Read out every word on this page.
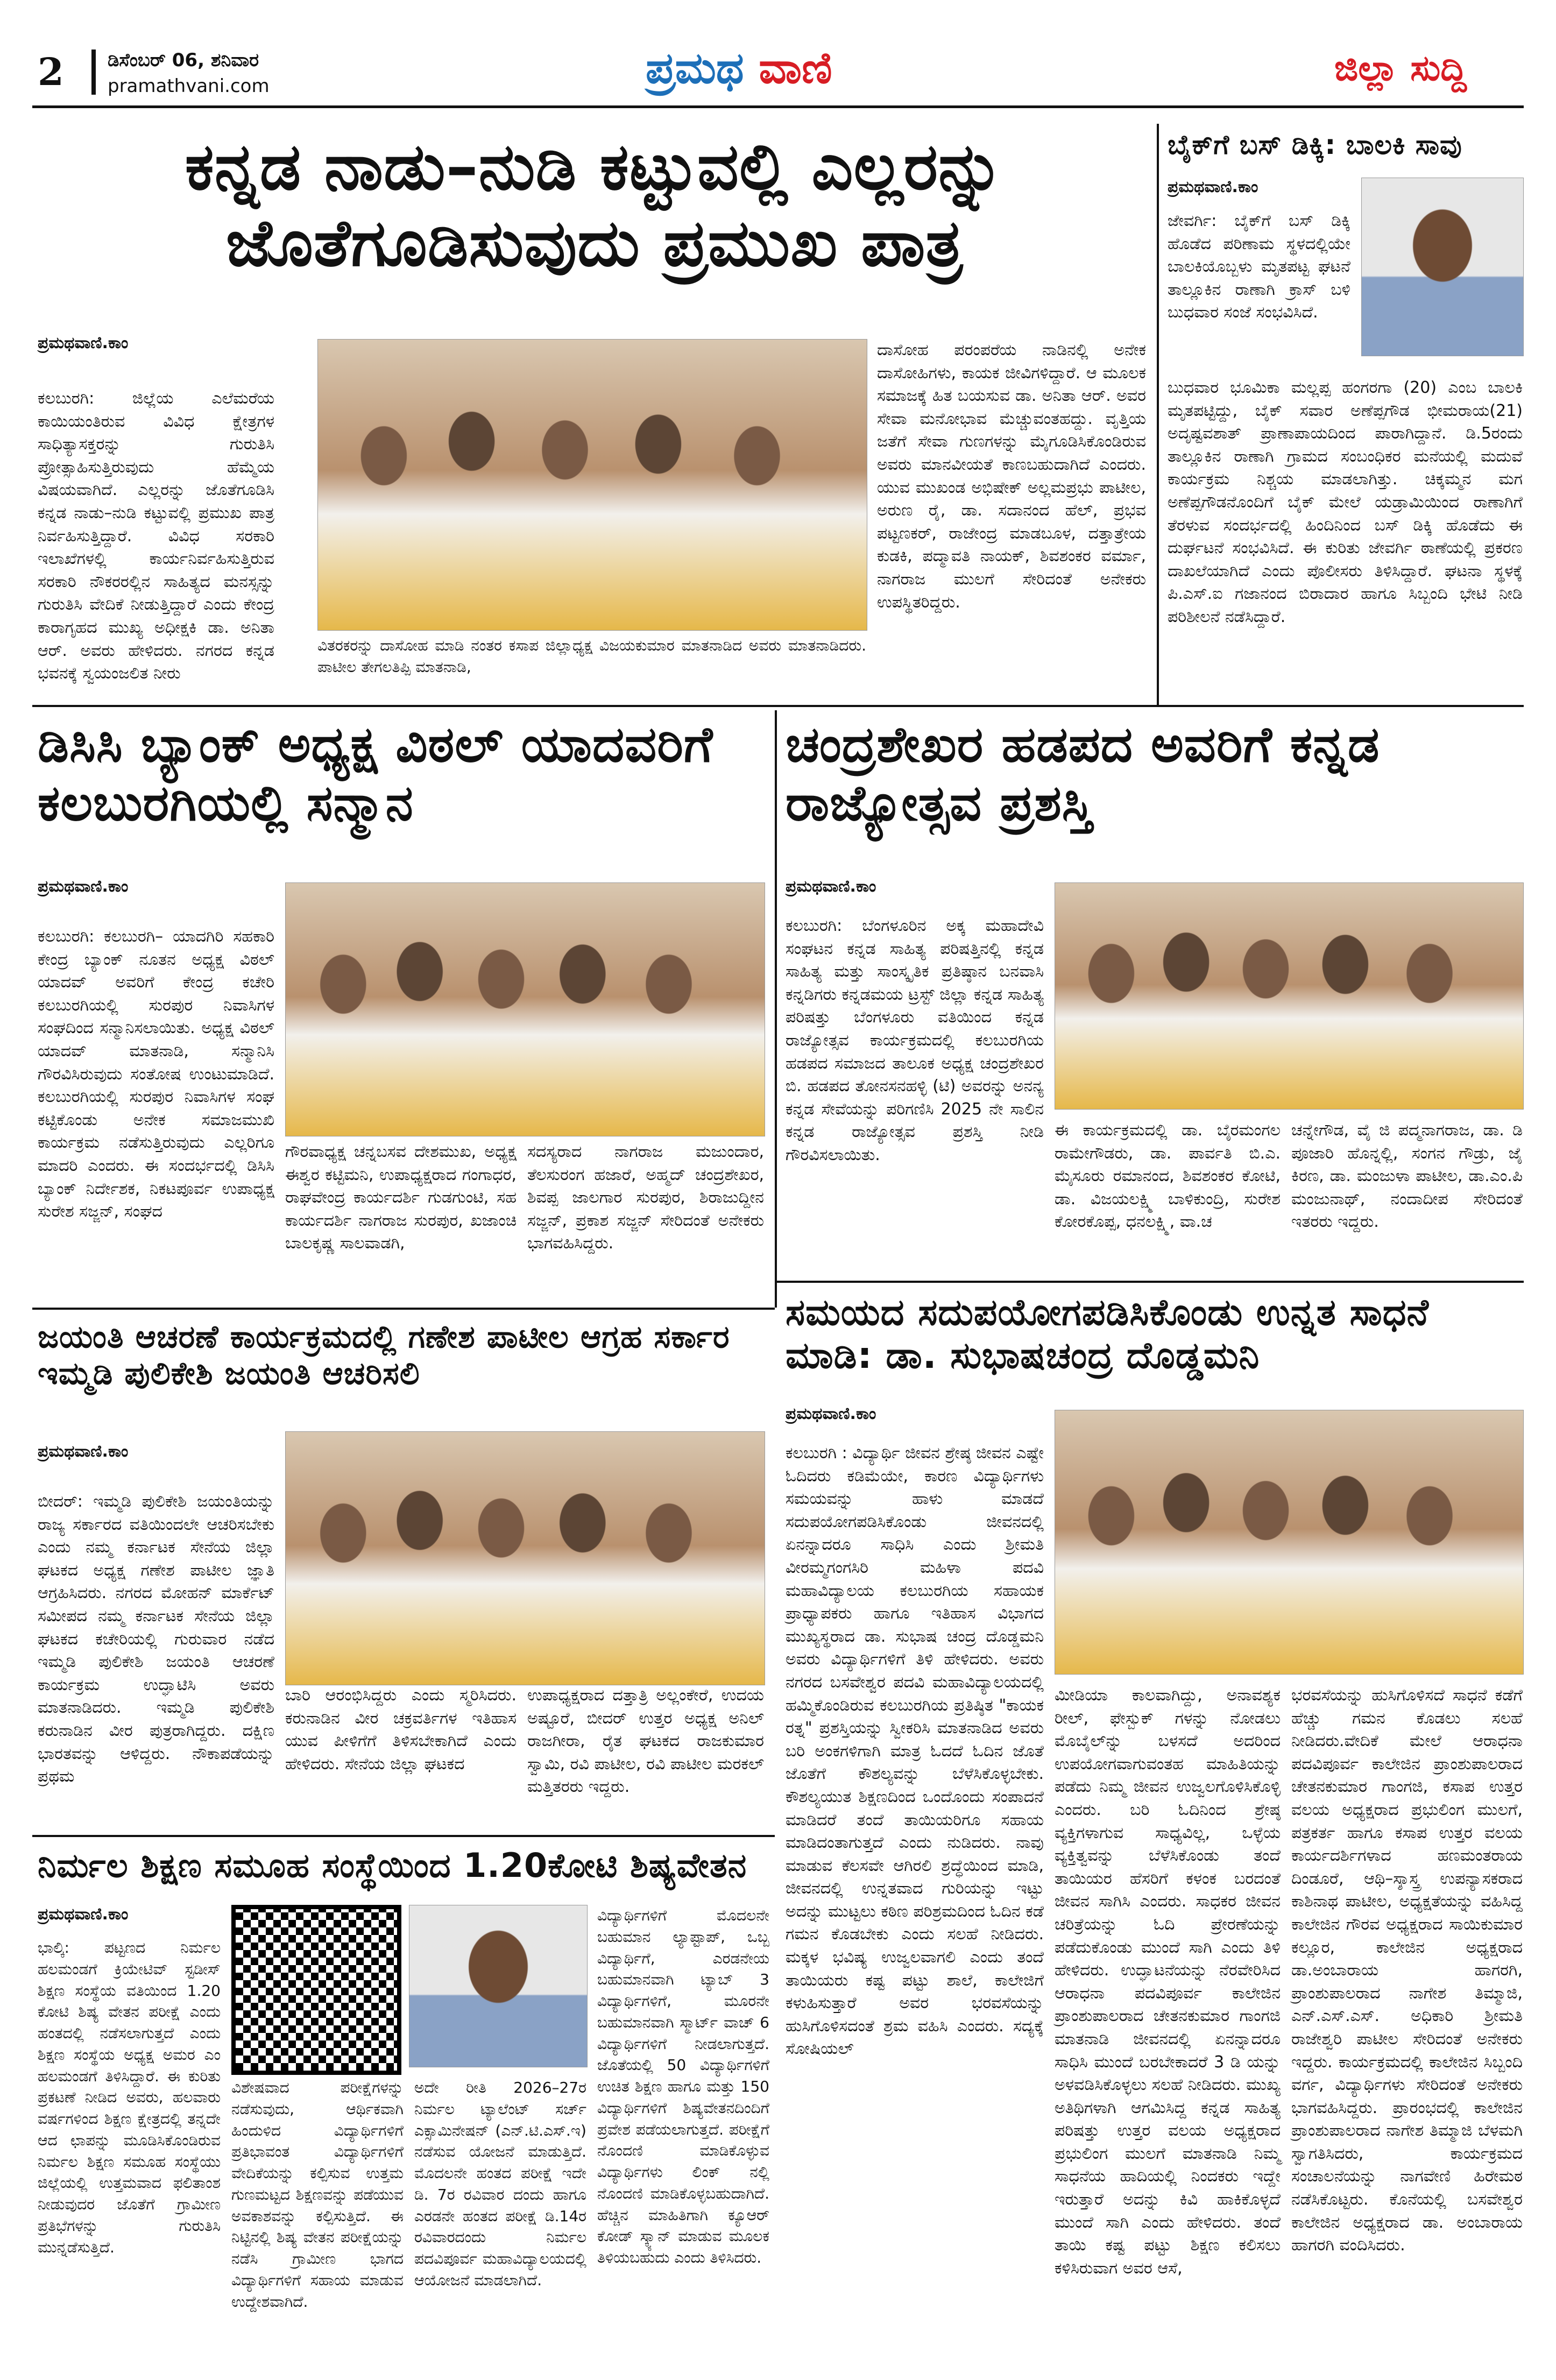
2 ಡಿಸೆಂಬರ್ 06, ಶನಿವಾರ
pramathvani.com	ಪ್ರಮಥ ವಾಣಿ	ಜಿಲ್ಲಾ ಸುದ್ದಿ
ಕನ್ನಡ ನಾಡು–ನುಡಿ ಕಟ್ಟುವಲ್ಲಿ ಎಲ್ಲರನ್ನು ಜೊತೆಗೂಡಿಸುವುದು ಪ್ರಮುಖ ಪಾತ್ರ
ಪ್ರಮಥವಾಣಿ.ಕಾಂ
ಕಲಬುರಗಿ: ಜಿಲ್ಲೆಯ ಎಲೆಮರೆಯ ಕಾಯಿಯಂತಿರುವ ವಿವಿಧ ಕ್ಷೇತ್ರಗಳ ಸಾಧಿತ್ಯಾಸಕ್ತರನ್ನು ಗುರುತಿಸಿ ಪ್ರೋತ್ಸಾಹಿಸುತ್ತಿರುವುದು ಹೆಮ್ಮೆಯ ವಿಷಯವಾಗಿದೆ. ಎಲ್ಲರನ್ನು ಜೊತೆಗೂಡಿಸಿ ಕನ್ನಡ ನಾಡು–ನುಡಿ ಕಟ್ಟುವಲ್ಲಿ ಪ್ರಮುಖ ಪಾತ್ರ ನಿರ್ವಹಿಸುತ್ತಿದ್ದಾರೆ. ವಿವಿಧ ಸರಕಾರಿ ಇಲಾಖೆಗಳಲ್ಲಿ ಕಾರ್ಯನಿರ್ವಹಿಸುತ್ತಿರುವ ಸರಕಾರಿ ನೌಕರರಲ್ಲಿನ ಸಾಹಿತ್ಯದ ಮನಸ್ಸನ್ನು ಗುರುತಿಸಿ ವೇದಿಕೆ ನೀಡುತ್ತಿದ್ದಾರೆ ಎಂದು ಕೇಂದ್ರ ಕಾರಾಗೃಹದ ಮುಖ್ಯ ಅಧೀಕ್ಷಕಿ ಡಾ. ಅನಿತಾ ಆರ್. ಅವರು ಹೇಳಿದರು. ನಗರದ ಕನ್ನಡ ಭವನಕ್ಕೆ ಸ್ವಯಂಜಲಿತ ನೀರು
ವಿತರಕರನ್ನು ದಾಸೋಹ ಮಾಡಿ ನಂತರ ಕಸಾಪ ಜಿಲ್ಲಾಧ್ಯಕ್ಷ ವಿಜಯಕುಮಾರ ಮಾತನಾಡಿದ ಅವರು ಮಾತನಾಡಿದರು. ಪಾಟೀಲ ತೇಗಲತಿಪ್ಪಿ ಮಾತನಾಡಿ,
ದಾಸೋಹ ಪರಂಪರೆಯ ನಾಡಿನಲ್ಲಿ ಅನೇಕ ದಾಸೋಹಿಗಳು, ಕಾಯಕ ಜೀವಿಗಳಿದ್ದಾರೆ. ಆ ಮೂಲಕ ಸಮಾಜಕ್ಕೆ ಹಿತ ಬಯಸುವ ಡಾ. ಅನಿತಾ ಆರ್. ಅವರ ಸೇವಾ ಮನೋಭಾವ ಮೆಚ್ಚುವಂತಹದ್ದು. ವೃತ್ತಿಯ ಜತೆಗೆ ಸೇವಾ ಗುಣಗಳನ್ನು ಮೈಗೂಡಿಸಿಕೊಂಡಿರುವ ಅವರು ಮಾನವೀಯತೆ ಕಾಣಬಹುದಾಗಿದೆ ಎಂದರು. ಯುವ ಮುಖಂಡ ಅಭಿಷೇಕ್ ಅಲ್ಲಮಪ್ರಭು ಪಾಟೀಲ, ಅರುಣ ರೈ, ಡಾ. ಸದಾನಂದ ಹೆಲ್, ಪ್ರಭವ ಪಟ್ಟಣಕರ್, ರಾಜೇಂದ್ರ ಮಾಡಬೂಳ, ದತ್ತಾತ್ರೇಯ ಕುಡಕಿ, ಪದ್ಮಾವತಿ ನಾಯಕ್, ಶಿವಶಂಕರ ವರ್ಮಾ, ನಾಗರಾಜ ಮುಲಗೆ ಸೇರಿದಂತೆ ಅನೇಕರು ಉಪಸ್ಥಿತರಿದ್ದರು.
ಬೈಕ್‌ಗೆ ಬಸ್ ಡಿಕ್ಕಿ: ಬಾಲಕಿ ಸಾವು
ಪ್ರಮಥವಾಣಿ.ಕಾಂ
ಜೇವರ್ಗಿ: ಬೈಕ್‌ಗೆ ಬಸ್ ಡಿಕ್ಕಿ ಹೊಡೆದ ಪರಿಣಾಮ ಸ್ಥಳದಲ್ಲಿಯೇ ಬಾಲಕಿಯೊಬ್ಬಳು ಮೃತಪಟ್ಟ ಘಟನೆ ತಾಲ್ಲೂಕಿನ ರಾಣಾಗಿ ಕ್ರಾಸ್ ಬಳಿ ಬುಧವಾರ ಸಂಜೆ ಸಂಭವಿಸಿದೆ.
ಬುಧವಾರ ಭೂಮಿಕಾ ಮಲ್ಲಪ್ಪ ಹಂಗರಗಾ (20) ಎಂಬ ಬಾಲಕಿ ಮೃತಪಟ್ಟಿದ್ದು, ಬೈಕ್ ಸವಾರ ಅಣೆಪ್ಪಗೌಡ ಭೀಮರಾಯ(21) ಅದೃಷ್ಟವಶಾತ್ ಪ್ರಾಣಾಪಾಯದಿಂದ ಪಾರಾಗಿದ್ದಾನೆ. ಡಿ.5ರಂದು ತಾಲ್ಲೂಕಿನ ರಾಣಾಗಿ ಗ್ರಾಮದ ಸಂಬಂಧಿಕರ ಮನೆಯಲ್ಲಿ ಮದುವೆ ಕಾರ್ಯಕ್ರಮ ನಿಶ್ಚಯ ಮಾಡಲಾಗಿತ್ತು. ಚಿಕ್ಕಮ್ಮನ ಮಗ ಅಣೆಪ್ಪಗೌಡನೊಂದಿಗೆ ಬೈಕ್ ಮೇಲೆ ಯಡ್ರಾಮಿಯಿಂದ ರಾಣಾಗಿಗೆ ತೆರಳುವ ಸಂದರ್ಭದಲ್ಲಿ ಹಿಂದಿನಿಂದ ಬಸ್ ಡಿಕ್ಕಿ ಹೊಡೆದು ಈ ದುರ್ಘಟನೆ ಸಂಭವಿಸಿದೆ. ಈ ಕುರಿತು ಜೇವರ್ಗಿ ಠಾಣೆಯಲ್ಲಿ ಪ್ರಕರಣ ದಾಖಲೆಯಾಗಿದೆ ಎಂದು ಪೊಲೀಸರು ತಿಳಿಸಿದ್ದಾರೆ. ಘಟನಾ ಸ್ಥಳಕ್ಕೆ ಪಿ.ಎಸ್.ಐ ಗಜಾನಂದ ಬಿರಾದಾರ ಹಾಗೂ ಸಿಬ್ಬಂದಿ ಭೇಟಿ ನೀಡಿ ಪರಿಶೀಲನೆ ನಡೆಸಿದ್ದಾರೆ.
ಡಿಸಿಸಿ ಬ್ಯಾಂಕ್ ಅಧ್ಯಕ್ಷ ವಿಠಲ್ ಯಾದವರಿಗೆ ಕಲಬುರಗಿಯಲ್ಲಿ ಸನ್ಮಾನ
ಪ್ರಮಥವಾಣಿ.ಕಾಂ
ಕಲಬುರಗಿ: ಕಲಬುರಗಿ– ಯಾದಗಿರಿ ಸಹಕಾರಿ ಕೇಂದ್ರ ಬ್ಯಾಂಕ್ ನೂತನ ಅಧ್ಯಕ್ಷ ವಿಠಲ್ ಯಾದವ್ ಅವರಿಗೆ ಕೇಂದ್ರ ಕಚೇರಿ ಕಲಬುರಗಿಯಲ್ಲಿ ಸುರಪುರ ನಿವಾಸಿಗಳ ಸಂಘದಿಂದ ಸನ್ಮಾನಿಸಲಾಯಿತು. ಅಧ್ಯಕ್ಷ ವಿಠಲ್ ಯಾದವ್ ಮಾತನಾಡಿ, ಸನ್ಮಾನಿಸಿ ಗೌರವಿಸಿರುವುದು ಸಂತೋಷ ಉಂಟುಮಾಡಿದೆ. ಕಲಬುರಗಿಯಲ್ಲಿ ಸುರಪುರ ನಿವಾಸಿಗಳ ಸಂಘ ಕಟ್ಟಿಕೊಂಡು ಅನೇಕ ಸಮಾಜಮುಖಿ ಕಾರ್ಯಕ್ರಮ ನಡೆಸುತ್ತಿರುವುದು ಎಲ್ಲರಿಗೂ ಮಾದರಿ ಎಂದರು. ಈ ಸಂದರ್ಭದಲ್ಲಿ ಡಿಸಿಸಿ ಬ್ಯಾಂಕ್ ನಿರ್ದೇಶಕ, ನಿಕಟಪೂರ್ವ ಉಪಾಧ್ಯಕ್ಷ ಸುರೇಶ ಸಜ್ಜನ್, ಸಂಘದ
ಗೌರವಾಧ್ಯಕ್ಷ ಚನ್ನಬಸವ ದೇಶಮುಖ, ಅಧ್ಯಕ್ಷ ಈಶ್ವರ ಕಟ್ಟಿಮನಿ, ಉಪಾಧ್ಯಕ್ಷರಾದ ಗಂಗಾಧರ, ರಾಘವೇಂದ್ರ ಕಾರ್ಯದರ್ಶಿ ಗುಡಗುಂಟಿ, ಸಹ ಕಾರ್ಯದರ್ಶಿ ನಾಗರಾಜ ಸುರಪುರ, ಖಜಾಂಚಿ ಬಾಲಕೃಷ್ಣ ಸಾಲವಾಡಗಿ,
ಸದಸ್ಯರಾದ ನಾಗರಾಜ ಮಜುಂದಾರ, ತೆಲಸುರಂಗ ಹಜಾರೆ, ಅಹ್ಮದ್ ಚಂದ್ರಶೇಖರ, ಶಿವಪ್ಪ ಜಾಲಗಾರ ಸುರಪುರ, ಶಿರಾಜುದ್ದೀನ ಸಜ್ಜನ್, ಪ್ರಕಾಶ ಸಜ್ಜನ್ ಸೇರಿದಂತೆ ಅನೇಕರು ಭಾಗವಹಿಸಿದ್ದರು.
ಚಂದ್ರಶೇಖರ ಹಡಪದ ಅವರಿಗೆ ಕನ್ನಡ ರಾಜ್ಯೋತ್ಸವ ಪ್ರಶಸ್ತಿ
ಪ್ರಮಥವಾಣಿ.ಕಾಂ
ಕಲಬುರಗಿ: ಬೆಂಗಳೂರಿನ ಅಕ್ಕ ಮಹಾದೇವಿ ಸಂಘಟನ ಕನ್ನಡ ಸಾಹಿತ್ಯ ಪರಿಷತ್ತಿನಲ್ಲಿ ಕನ್ನಡ ಸಾಹಿತ್ಯ ಮತ್ತು ಸಾಂಸ್ಕೃತಿಕ ಪ್ರತಿಷ್ಠಾನ ಬನವಾಸಿ ಕನ್ನಡಿಗರು ಕನ್ನಡಮಯ ಟ್ರಸ್ಟ್ ಜಿಲ್ಲಾ ಕನ್ನಡ ಸಾಹಿತ್ಯ ಪರಿಷತ್ತು ಬೆಂಗಳೂರು ವತಿಯಿಂದ ಕನ್ನಡ ರಾಜ್ಯೋತ್ಸವ ಕಾರ್ಯಕ್ರಮದಲ್ಲಿ ಕಲಬುರಗಿಯ ಹಡಪದ ಸಮಾಜದ ತಾಲೂಕ ಅಧ್ಯಕ್ಷ ಚಂದ್ರಶೇಖರ ಬಿ. ಹಡಪದ ತೋನಸನಹಳ್ಳಿ (ಟಿ) ಅವರನ್ನು ಅನನ್ಯ ಕನ್ನಡ ಸೇವೆಯನ್ನು ಪರಿಗಣಿಸಿ 2025 ನೇ ಸಾಲಿನ ಕನ್ನಡ ರಾಜ್ಯೋತ್ಸವ ಪ್ರಶಸ್ತಿ ನೀಡಿ ಗೌರವಿಸಲಾಯಿತು.
ಈ ಕಾರ್ಯಕ್ರಮದಲ್ಲಿ ಡಾ. ಬೈರಮಂಗಲ ರಾಮೇಗೌಡರು, ಡಾ. ಪಾರ್ವತಿ ಬಿ.ಎ. ಮೈಸೂರು ರಮಾನಂದ, ಶಿವಶಂಕರ ಕೋಟಿ, ಡಾ. ವಿಜಯಲಕ್ಷ್ಮಿ ಬಾಳಿಕುಂದ್ರಿ, ಸುರೇಶ ಕೋರಕೊಪ್ಪ, ಧನಲಕ್ಷ್ಮಿ, ವಾ.ಚ
ಚನ್ನೇಗೌಡ, ವೈ ಜಿ ಪದ್ಮನಾಗರಾಜ, ಡಾ. ಡಿ ಪೂಜಾರಿ ಹೊನ್ನಲ್ಲಿ, ಸಂಗನ ಗೌಡ್ರು, ಜೈ ಕಿರಣ, ಡಾ. ಮಂಜುಳಾ ಪಾಟೀಲ, ಡಾ.ಎಂ.ಪಿ ಮಂಜುನಾಥ್, ನಂದಾದೀಪ ಸೇರಿದಂತೆ ಇತರರು ಇದ್ದರು.
ಜಯಂತಿ ಆಚರಣೆ ಕಾರ್ಯಕ್ರಮದಲ್ಲಿ ಗಣೇಶ ಪಾಟೀಲ ಆಗ್ರಹ ಸರ್ಕಾರ ಇಮ್ಮಡಿ ಪುಲಿಕೇಶಿ ಜಯಂತಿ ಆಚರಿಸಲಿ
ಪ್ರಮಥವಾಣಿ.ಕಾಂ
ಬೀದರ್: ಇಮ್ಮಡಿ ಪುಲಿಕೇಶಿ ಜಯಂತಿಯನ್ನು ರಾಜ್ಯ ಸರ್ಕಾರದ ವತಿಯಿಂದಲೇ ಆಚರಿಸಬೇಕು ಎಂದು ನಮ್ಮ ಕರ್ನಾಟಕ ಸೇನೆಯ ಜಿಲ್ಲಾ ಘಟಕದ ಅಧ್ಯಕ್ಷ ಗಣೇಶ ಪಾಟೀಲ ಜ್ಞಾತಿ ಆಗ್ರಹಿಸಿದರು. ನಗರದ ಮೋಹನ್ ಮಾರ್ಕೆಟ್ ಸಮೀಪದ ನಮ್ಮ ಕರ್ನಾಟಕ ಸೇನೆಯ ಜಿಲ್ಲಾ ಘಟಕದ ಕಚೇರಿಯಲ್ಲಿ ಗುರುವಾರ ನಡೆದ ಇಮ್ಮಡಿ ಪುಲಿಕೇಶಿ ಜಯಂತಿ ಆಚರಣೆ ಕಾರ್ಯಕ್ರಮ ಉದ್ಘಾಟಿಸಿ ಅವರು ಮಾತನಾಡಿದರು. ಇಮ್ಮಡಿ ಪುಲಿಕೇಶಿ ಕರುನಾಡಿನ ವೀರ ಪುತ್ರರಾಗಿದ್ದರು. ದಕ್ಷಿಣ ಭಾರತವನ್ನು ಆಳಿದ್ದರು. ನೌಕಾಪಡೆಯನ್ನು ಪ್ರಥಮ
ಬಾರಿ ಆರಂಭಿಸಿದ್ದರು ಎಂದು ಸ್ಮರಿಸಿದರು. ಕರುನಾಡಿನ ವೀರ ಚಕ್ರವರ್ತಿಗಳ ಇತಿಹಾಸ ಯುವ ಪೀಳಿಗೆಗೆ ತಿಳಿಸಬೇಕಾಗಿದೆ ಎಂದು ಹೇಳಿದರು. ಸೇನೆಯ ಜಿಲ್ಲಾ ಘಟಕದ
ಉಪಾಧ್ಯಕ್ಷರಾದ ದತ್ತಾತ್ರಿ ಅಲ್ಲಂಕೇರೆ, ಉದಯ ಅಷ್ಟೂರೆ, ಬೀದರ್ ಉತ್ತರ ಅಧ್ಯಕ್ಷ ಅನಿಲ್ ರಾಜಗೀರಾ, ರೈತ ಘಟಕದ ರಾಜಕುಮಾರ ಸ್ವಾಮಿ, ರವಿ ಪಾಟೀಲ, ರವಿ ಪಾಟೀಲ ಮರಕಲ್ ಮತ್ತಿತರರು ಇದ್ದರು.
ನಿರ್ಮಲ ಶಿಕ್ಷಣ ಸಮೂಹ ಸಂಸ್ಥೆಯಿಂದ 1.20ಕೋಟಿ ಶಿಷ್ಯವೇತನ
ಪ್ರಮಥವಾಣಿ.ಕಾಂ
ಭಾಲ್ಕಿ: ಪಟ್ಟಣದ ನಿರ್ಮಲ ಹಲಮಂಡಗೆ ಕ್ರಿಯೇಟಿವ್ ಸ್ಟಡೀಸ್ ಶಿಕ್ಷಣ ಸಂಸ್ಥೆಯ ವತಿಯಿಂದ 1.20 ಕೋಟಿ ಶಿಷ್ಯ ವೇತನ ಪರೀಕ್ಷೆ ಎಂದು ಹಂತದಲ್ಲಿ ನಡೆಸಲಾಗುತ್ತದೆ ಎಂದು ಶಿಕ್ಷಣ ಸಂಸ್ಥೆಯ ಅಧ್ಯಕ್ಷ ಅಮರ ಎಂ ಹಲಮಂಡಗೆ ತಿಳಿಸಿದ್ದಾರೆ. ಈ ಕುರಿತು ಪ್ರಕಟಣೆ ನೀಡಿದ ಅವರು, ಹಲವಾರು ವರ್ಷಗಳಿಂದ ಶಿಕ್ಷಣ ಕ್ಷೇತ್ರದಲ್ಲಿ ತನ್ನದೇ ಆದ ಛಾಪನ್ನು ಮೂಡಿಸಿಕೊಂಡಿರುವ ನಿರ್ಮಲ ಶಿಕ್ಷಣ ಸಮೂಹ ಸಂಸ್ಥೆಯು ಜಿಲ್ಲೆಯಲ್ಲಿ ಉತ್ತಮವಾದ ಫಲಿತಾಂಶ ನೀಡುವುದರ ಜೊತೆಗೆ ಗ್ರಾಮೀಣ ಪ್ರತಿಭೆಗಳನ್ನು ಗುರುತಿಸಿ ಮುನ್ನಡೆಸುತ್ತಿದೆ.
ವಿಶೇಷವಾದ ಪರೀಕ್ಷೆಗಳನ್ನು ನಡೆಸುವುದು, ಆರ್ಥಿಕವಾಗಿ ಹಿಂದುಳಿದ ವಿದ್ಯಾರ್ಥಿಗಳಿಗೆ ಪ್ರತಿಭಾವಂತ ವಿದ್ಯಾರ್ಥಿಗಳಿಗೆ ವೇದಿಕೆಯನ್ನು ಕಲ್ಪಿಸುವ ಉತ್ತಮ ಗುಣಮಟ್ಟದ ಶಿಕ್ಷಣವನ್ನು ಪಡೆಯುವ ಅವಕಾಶವನ್ನು ಕಲ್ಪಿಸುತ್ತಿದೆ. ಈ ನಿಟ್ಟಿನಲ್ಲಿ ಶಿಷ್ಯ ವೇತನ ಪರೀಕ್ಷೆಯನ್ನು ನಡೆಸಿ ಗ್ರಾಮೀಣ ಭಾಗದ ವಿದ್ಯಾರ್ಥಿಗಳಿಗೆ ಸಹಾಯ ಮಾಡುವ ಉದ್ದೇಶವಾಗಿದೆ.
ಅದೇ ರೀತಿ 2026–27ರ ನಿರ್ಮಲ ಟ್ಯಾಲೆಂಟ್ ಸರ್ಚ್ ಎಕ್ಸಾಮಿನೇಷನ್ (ಎನ್.ಟಿ.ಎಸ್.ಇ) ನಡೆಸುವ ಯೋಜನೆ ಮಾಡುತ್ತಿದೆ. ಮೊದಲನೇ ಹಂತದ ಪರೀಕ್ಷೆ ಇದೇ ಡಿ. 7ರ ರವಿವಾರ ದಂದು ಹಾಗೂ ಎರಡನೇ ಹಂತದ ಪರೀಕ್ಷೆ ಡಿ.14ರ ರವಿವಾರದಂದು ನಿರ್ಮಲ ಪದವಿಪೂರ್ವ ಮಹಾವಿದ್ಯಾಲಯದಲ್ಲಿ ಆಯೋಜನೆ ಮಾಡಲಾಗಿದೆ.
ವಿದ್ಯಾರ್ಥಿಗಳಿಗೆ ಮೊದಲನೇ ಬಹುಮಾನ ಲ್ಯಾಪ್ಟಾಪ್, ಒಬ್ಬ ವಿದ್ಯಾರ್ಥಿಗೆ, ಎರಡನೇಯ ಬಹುಮಾನವಾಗಿ ಟ್ಯಾಬ್ 3 ವಿದ್ಯಾರ್ಥಿಗಳಿಗೆ, ಮೂರನೇ ಬಹುಮಾನವಾಗಿ ಸ್ಮಾರ್ಟ್ ವಾಚ್ 6 ವಿದ್ಯಾರ್ಥಿಗಳಿಗೆ ನೀಡಲಾಗುತ್ತದೆ. ಜೊತೆಯಲ್ಲಿ 50 ವಿದ್ಯಾರ್ಥಿಗಳಿಗೆ ಉಚಿತ ಶಿಕ್ಷಣ ಹಾಗೂ ಮತ್ತು 150 ವಿದ್ಯಾರ್ಥಿಗಳಿಗೆ ಶಿಷ್ಯವೇತನದಿಂದಿಗೆ ಪ್ರವೇಶ ಪಡೆಯಲಾಗುತ್ತದೆ. ಪರೀಕ್ಷೆಗೆ ನೊಂದಣಿ ಮಾಡಿಕೊಳ್ಳುವ ವಿದ್ಯಾರ್ಥಿಗಳು ಲಿಂಕ್ ನಲ್ಲಿ ನೊಂದಣಿ ಮಾಡಿಕೊಳ್ಳಬಹುದಾಗಿದೆ. ಹೆಚ್ಚಿನ ಮಾಹಿತಿಗಾಗಿ ಕ್ಯೂಆರ್ ಕೋಡ್ ಸ್ಕ್ಯಾನ್ ಮಾಡುವ ಮೂಲಕ ತಿಳಿಯಬಹುದು ಎಂದು ತಿಳಿಸಿದರು.
ಸಮಯದ ಸದುಪಯೋಗಪಡಿಸಿಕೊಂಡು ಉನ್ನತ ಸಾಧನೆ ಮಾಡಿ: ಡಾ. ಸುಭಾಷಚಂದ್ರ ದೊಡ್ಡಮನಿ
ಪ್ರಮಥವಾಣಿ.ಕಾಂ
ಕಲಬುರಗಿ : ವಿದ್ಯಾರ್ಥಿ ಜೀವನ ಶ್ರೇಷ್ಠ ಜೀವನ ಎಷ್ಟೇ ಓದಿದರು ಕಡಿಮೆಯೇ, ಕಾರಣ ವಿದ್ಯಾರ್ಥಿಗಳು ಸಮಯವನ್ನು ಹಾಳು ಮಾಡದೆ ಸದುಪಯೋಗಪಡಿಸಿಕೊಂಡು ಜೀವನದಲ್ಲಿ ಏನನ್ನಾದರೂ ಸಾಧಿಸಿ ಎಂದು ಶ್ರೀಮತಿ ವೀರಮ್ಮಗಂಗಸಿರಿ ಮಹಿಳಾ ಪದವಿ ಮಹಾವಿದ್ಯಾಲಯ ಕಲಬುರಗಿಯ ಸಹಾಯಕ ಪ್ರಾಧ್ಯಾಪಕರು ಹಾಗೂ ಇತಿಹಾಸ ವಿಭಾಗದ ಮುಖ್ಯಸ್ಥರಾದ ಡಾ. ಸುಭಾಷ ಚಂದ್ರ ದೊಡ್ಡಮನಿ ಅವರು ವಿದ್ಯಾರ್ಥಿಗಳಿಗೆ ತಿಳಿ ಹೇಳಿದರು. ಅವರು ನಗರದ ಬಸವೇಶ್ವರ ಪದವಿ ಮಹಾವಿದ್ಯಾಲಯದಲ್ಲಿ ಹಮ್ಮಿಕೊಂಡಿರುವ ಕಲಬುರಗಿಯ ಪ್ರತಿಷ್ಠಿತ "ಕಾಯಕ ರತ್ನ" ಪ್ರಶಸ್ತಿಯನ್ನು ಸ್ವೀಕರಿಸಿ ಮಾತನಾಡಿದ ಅವರು ಬರಿ ಅಂಕಗಳಿಗಾಗಿ ಮಾತ್ರ ಓದದೆ ಓದಿನ ಜೊತೆ ಜೊತೆಗೆ ಕೌಶಲ್ಯವನ್ನು ಬೆಳೆಸಿಕೊಳ್ಳಬೇಕು. ಕೌಶಲ್ಯಯುತ ಶಿಕ್ಷಣದಿಂದ ಒಂದೊಂದು ಸಂಪಾದನೆ ಮಾಡಿದರೆ ತಂದೆ ತಾಯಿಯರಿಗೂ ಸಹಾಯ ಮಾಡಿದಂತಾಗುತ್ತದೆ ಎಂದು ನುಡಿದರು. ನಾವು ಮಾಡುವ ಕೆಲಸವೇ ಆಗಿರಲಿ ಶ್ರದ್ಧೆಯಿಂದ ಮಾಡಿ, ಜೀವನದಲ್ಲಿ ಉನ್ನತವಾದ ಗುರಿಯನ್ನು ಇಟ್ಟು ಅದನ್ನು ಮುಟ್ಟಲು ಕಠಿಣ ಪರಿಶ್ರಮದಿಂದ ಓದಿನ ಕಡೆ ಗಮನ ಕೊಡಬೇಕು ಎಂದು ಸಲಹೆ ನೀಡಿದರು. ಮಕ್ಕಳ ಭವಿಷ್ಯ ಉಜ್ವಲವಾಗಲಿ ಎಂದು ತಂದೆ ತಾಯಿಯರು ಕಷ್ಟ ಪಟ್ಟು ಶಾಲೆ, ಕಾಲೇಜಿಗೆ ಕಳುಹಿಸುತ್ತಾರೆ ಅವರ ಭರವಸೆಯನ್ನು ಹುಸಿಗೊಳಿಸದಂತೆ ಶ್ರಮ ವಹಿಸಿ ಎಂದರು. ಸದ್ಯಕ್ಕೆ ಸೋಷಿಯಲ್
ಮೀಡಿಯಾ ಕಾಲವಾಗಿದ್ದು, ಅನಾವಶ್ಯಕ ರೀಲ್, ಫೇಸ್ಬುಕ್ ಗಳನ್ನು ನೋಡಲು ಮೊಬೈಲ್‌ನ್ನು ಬಳಸದೆ ಅದರಿಂದ ಉಪಯೋಗವಾಗುವಂತಹ ಮಾಹಿತಿಯನ್ನು ಪಡೆದು ನಿಮ್ಮ ಜೀವನ ಉಜ್ವಲಗೊಳಿಸಿಕೊಳ್ಳಿ ಎಂದರು. ಬರಿ ಓದಿನಿಂದ ಶ್ರೇಷ್ಠ ವ್ಯಕ್ತಿಗಳಾಗುವ ಸಾಧ್ಯವಿಲ್ಲ, ಒಳ್ಳೆಯ ವ್ಯಕ್ತಿತ್ವವನ್ನು ಬೆಳೆಸಿಕೊಂಡು ತಂದೆ ತಾಯಿಯರ ಹೆಸರಿಗೆ ಕಳಂಕ ಬರದಂತೆ ಜೀವನ ಸಾಗಿಸಿ ಎಂದರು. ಸಾಧಕರ ಜೀವನ ಚರಿತ್ರೆಯನ್ನು ಓದಿ ಪ್ರೇರಣೆಯನ್ನು ಪಡೆದುಕೊಂಡು ಮುಂದೆ ಸಾಗಿ ಎಂದು ತಿಳಿ ಹೇಳಿದರು. ಉದ್ಘಾಟನೆಯನ್ನು ನೆರವೇರಿಸಿದ ಆರಾಧನಾ ಪದವಿಪೂರ್ವ ಕಾಲೇಜಿನ ಪ್ರಾಂಶುಪಾಲರಾದ ಚೇತನಕುಮಾರ ಗಾಂಗಜಿ ಮಾತನಾಡಿ ಜೀವನದಲ್ಲಿ ಏನನ್ನಾದರೂ ಸಾಧಿಸಿ ಮುಂದೆ ಬರಬೇಕಾದರೆ 3 ಡಿ ಯನ್ನು ಅಳವಡಿಸಿಕೊಳ್ಳಲು ಸಲಹೆ ನೀಡಿದರು. ಮುಖ್ಯ ಅತಿಥಿಗಳಾಗಿ ಆಗಮಿಸಿದ್ದ ಕನ್ನಡ ಸಾಹಿತ್ಯ ಪರಿಷತ್ತು ಉತ್ತರ ವಲಯ ಅಧ್ಯಕ್ಷರಾದ ಪ್ರಭುಲಿಂಗ ಮುಲಗೆ ಮಾತನಾಡಿ ನಿಮ್ಮ ಸಾಧನೆಯ ಹಾದಿಯಲ್ಲಿ ನಿಂದಕರು ಇದ್ದೇ ಇರುತ್ತಾರೆ ಅದನ್ನು ಕಿವಿ ಹಾಕಿಕೊಳ್ಳದೆ ಮುಂದೆ ಸಾಗಿ ಎಂದು ಹೇಳಿದರು. ತಂದೆ ತಾಯಿ ಕಷ್ಟ ಪಟ್ಟು ಶಿಕ್ಷಣ ಕಲಿಸಲು ಕಳಿಸಿರುವಾಗ ಅವರ ಆಸೆ,
ಭರವಸೆಯನ್ನು ಹುಸಿಗೊಳಿಸದೆ ಸಾಧನೆ ಕಡೆಗೆ ಹೆಚ್ಚು ಗಮನ ಕೊಡಲು ಸಲಹೆ ನೀಡಿದರು.ವೇದಿಕೆ ಮೇಲೆ ಆರಾಧನಾ ಪದವಿಪೂರ್ವ ಕಾಲೇಜಿನ ಪ್ರಾಂಶುಪಾಲರಾದ ಚೇತನಕುಮಾರ ಗಾಂಗಜಿ, ಕಸಾಪ ಉತ್ತರ ವಲಯ ಅಧ್ಯಕ್ಷರಾದ ಪ್ರಭುಲಿಂಗ ಮುಲಗೆ, ಪತ್ರಕರ್ತ ಹಾಗೂ ಕಸಾಪ ಉತ್ತರ ವಲಯ ಕಾರ್ಯದರ್ಶಿಗಳಾದ ಹಣಮಂತರಾಯ ದಿಂಡೂರೆ, ಆಥಿ–ಸ್ಶಾಸ್ತ್ರ ಉಪನ್ಯಾಸಕರಾದ ಕಾಶಿನಾಥ ಪಾಟೀಲ, ಅಧ್ಯಕ್ಷತೆಯನ್ನು ವಹಿಸಿದ್ದ ಕಾಲೇಜಿನ ಗೌರವ ಅಧ್ಯಕ್ಷರಾದ ಸಾಯಿಕುಮಾರ ಕಲ್ಲೂರ, ಕಾಲೇಜಿನ ಅಧ್ಯಕ್ಷರಾದ ಡಾ.ಅಂಬಾರಾಯ ಹಾಗರಗಿ, ಪ್ರಾಂಶುಪಾಲರಾದ ನಾಗೇಶ ತಿಮ್ಮಾಜಿ, ಎನ್.ಎಸ್.ಎಸ್. ಅಧಿಕಾರಿ ಶ್ರೀಮತಿ ರಾಜೇಶ್ವರಿ ಪಾಟೀಲ ಸೇರಿದಂತೆ ಅನೇಕರು ಇದ್ದರು. ಕಾರ್ಯಕ್ರಮದಲ್ಲಿ ಕಾಲೇಜಿನ ಸಿಬ್ಬಂದಿ ವರ್ಗ, ವಿದ್ಯಾರ್ಥಿಗಳು ಸೇರಿದಂತೆ ಅನೇಕರು ಭಾಗವಹಿಸಿದ್ದರು. ಪ್ರಾರಂಭದಲ್ಲಿ ಕಾಲೇಜಿನ ಪ್ರಾಂಶುಪಾಲರಾದ ನಾಗೇಶ ತಿಮ್ಮಾಜಿ ಬೆಳಮಗಿ ಸ್ವಾಗತಿಸಿದರು, ಕಾರ್ಯಕ್ರಮದ ಸಂಚಾಲನೆಯನ್ನು ನಾಗವೇಣಿ ಹಿರೇಮಠ ನಡೆಸಿಕೊಟ್ಟರು. ಕೊನೆಯಲ್ಲಿ ಬಸವೇಶ್ವರ ಕಾಲೇಜಿನ ಅಧ್ಯಕ್ಷರಾದ ಡಾ. ಅಂಬಾರಾಯ ಹಾಗರಗಿ ವಂದಿಸಿದರು.
